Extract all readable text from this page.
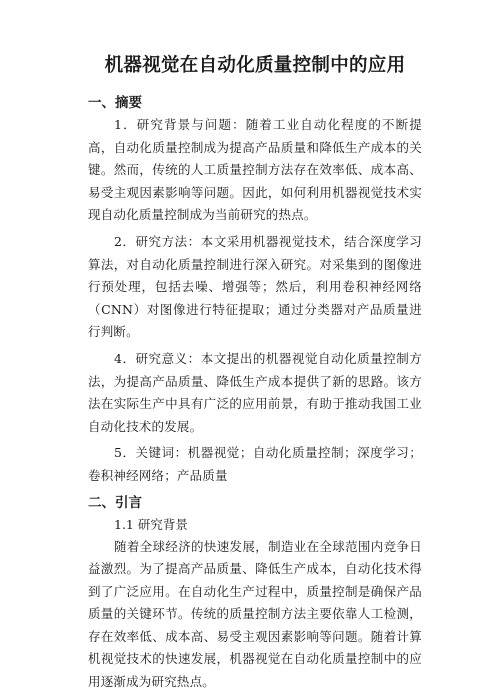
机器视觉在自动化质量控制中的应用
一、摘要

1．研究背景与问题：随着工业自动化程度的不断提高，自动化质量控制成为提高产品质量和降低生产成本的关键。然而，传统的人工质量控制方法存在效率低、成本高、易受主观因素影响等问题。因此，如何利用机器视觉技术实现自动化质量控制成为当前研究的热点。

2．研究方法：本文采用机器视觉技术，结合深度学习算法，对自动化质量控制进行深入研究。对采集到的图像进行预处理，包括去噪、增强等；然后，利用卷积神经网络（CNN）对图像进行特征提取；通过分类器对产品质量进行判断。

4．研究意义：本文提出的机器视觉自动化质量控制方法，为提高产品质量、降低生产成本提供了新的思路。该方法在实际生产中具有广泛的应用前景，有助于推动我国工业自动化技术的发展。

5．关键词：机器视觉；自动化质量控制；深度学习；卷积神经网络；产品质量

二、引言
1.1 研究背景

随着全球经济的快速发展，制造业在全球范围内竞争日益激烈。为了提高产品质量、降低生产成本，自动化技术得到了广泛应用。在自动化生产过程中，质量控制是确保产品质量的关键环节。传统的质量控制方法主要依靠人工检测，存在效率低、成本高、易受主观因素影响等问题。随着计算机视觉技术的快速发展，机器视觉在自动化质量控制中的应用逐渐成为研究热点。
